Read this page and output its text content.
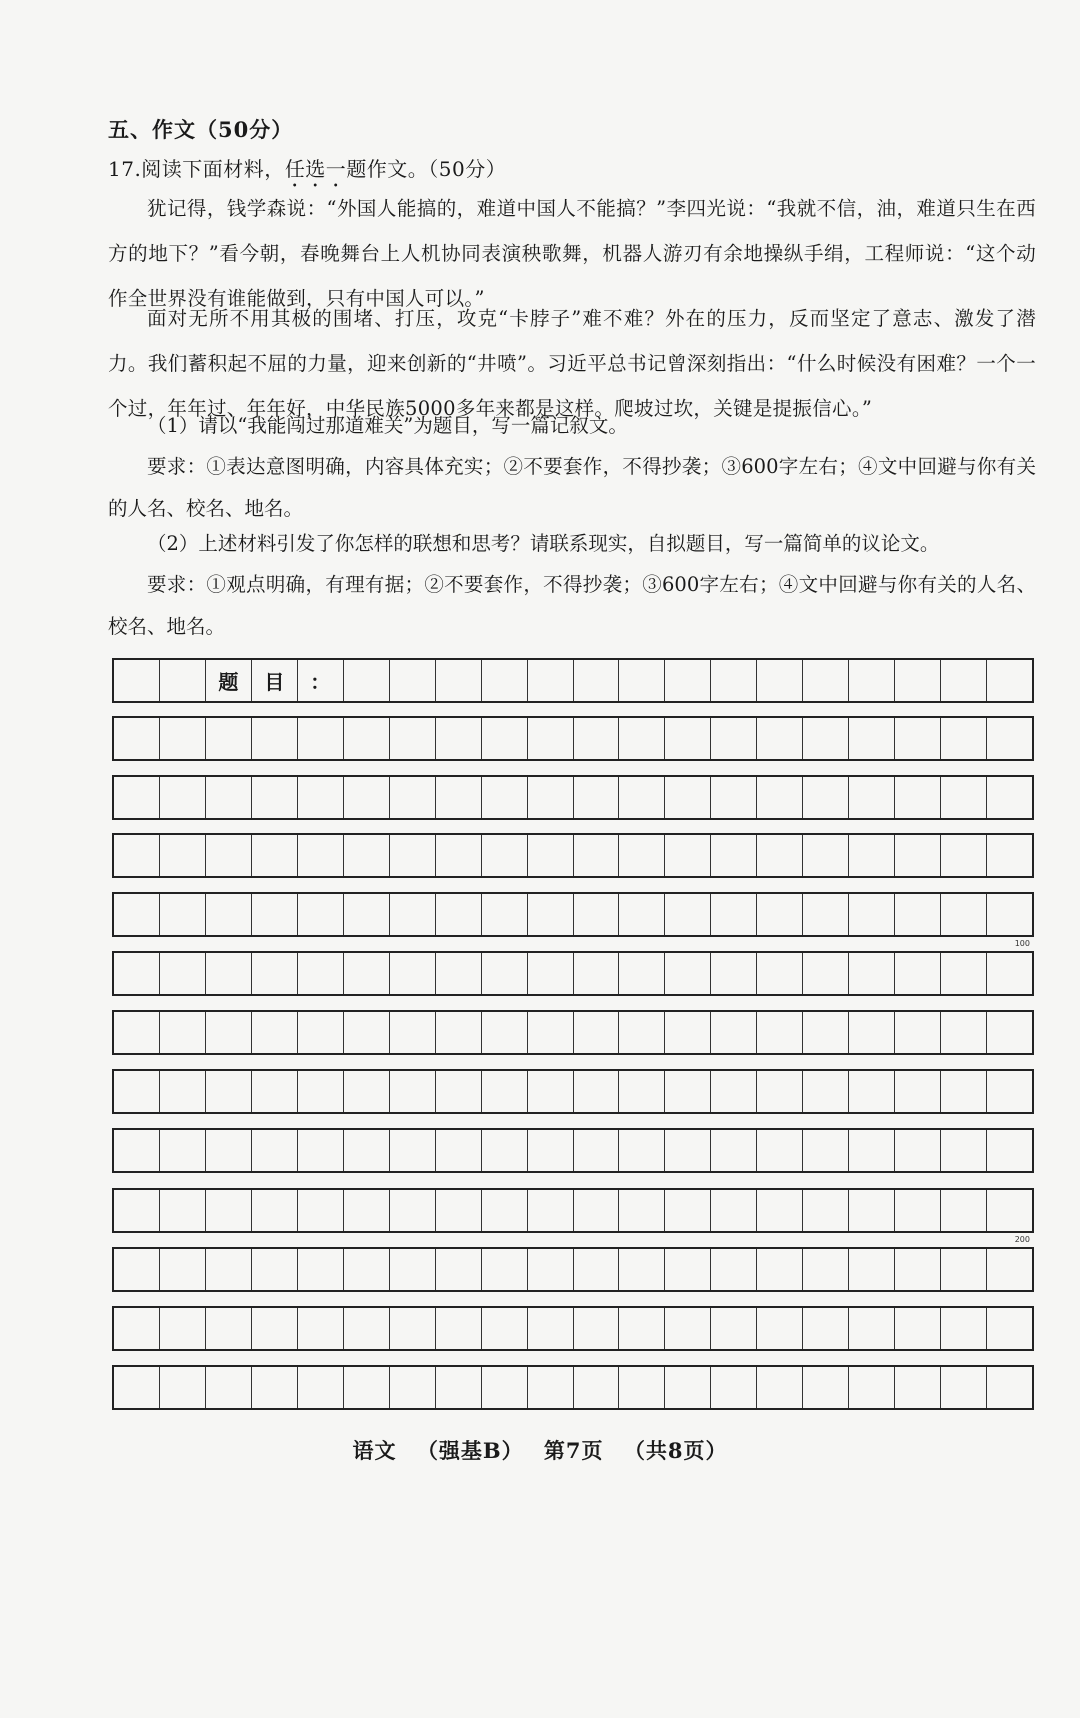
五、作文（50分）
17.阅读下面材料，任选一题作文。（50分）

犹记得，钱学森说：“外国人能搞的，难道中国人不能搞？”李四光说：“我就不信，油，难道只生在西方的地下？”看今朝，春晚舞台上人机协同表演秧歌舞，机器人游刃有余地操纵手绢，工程师说：“这个动作全世界没有谁能做到，只有中国人可以。”

面对无所不用其极的围堵、打压，攻克“卡脖子”难不难？外在的压力，反而坚定了意志、激发了潜力。我们蓄积起不屈的力量，迎来创新的“井喷”。习近平总书记曾深刻指出：“什么时候没有困难？一个一个过，年年过、年年好，中华民族5000多年来都是这样。爬坡过坎，关键是提振信心。”

（1）请以“我能闯过那道难关”为题目，写一篇记叙文。

要求：①表达意图明确，内容具体充实；②不要套作，不得抄袭；③600字左右；④文中回避与你有关的人名、校名、地名。

（2）上述材料引发了你怎样的联想和思考？请联系现实，自拟题目，写一篇简单的议论文。

要求：①观点明确，有理有据；②不要套作，不得抄袭；③600字左右；④文中回避与你有关的人名、校名、地名。

题	目	：
100
200
语文 （强基B） 第7页 （共8页）
